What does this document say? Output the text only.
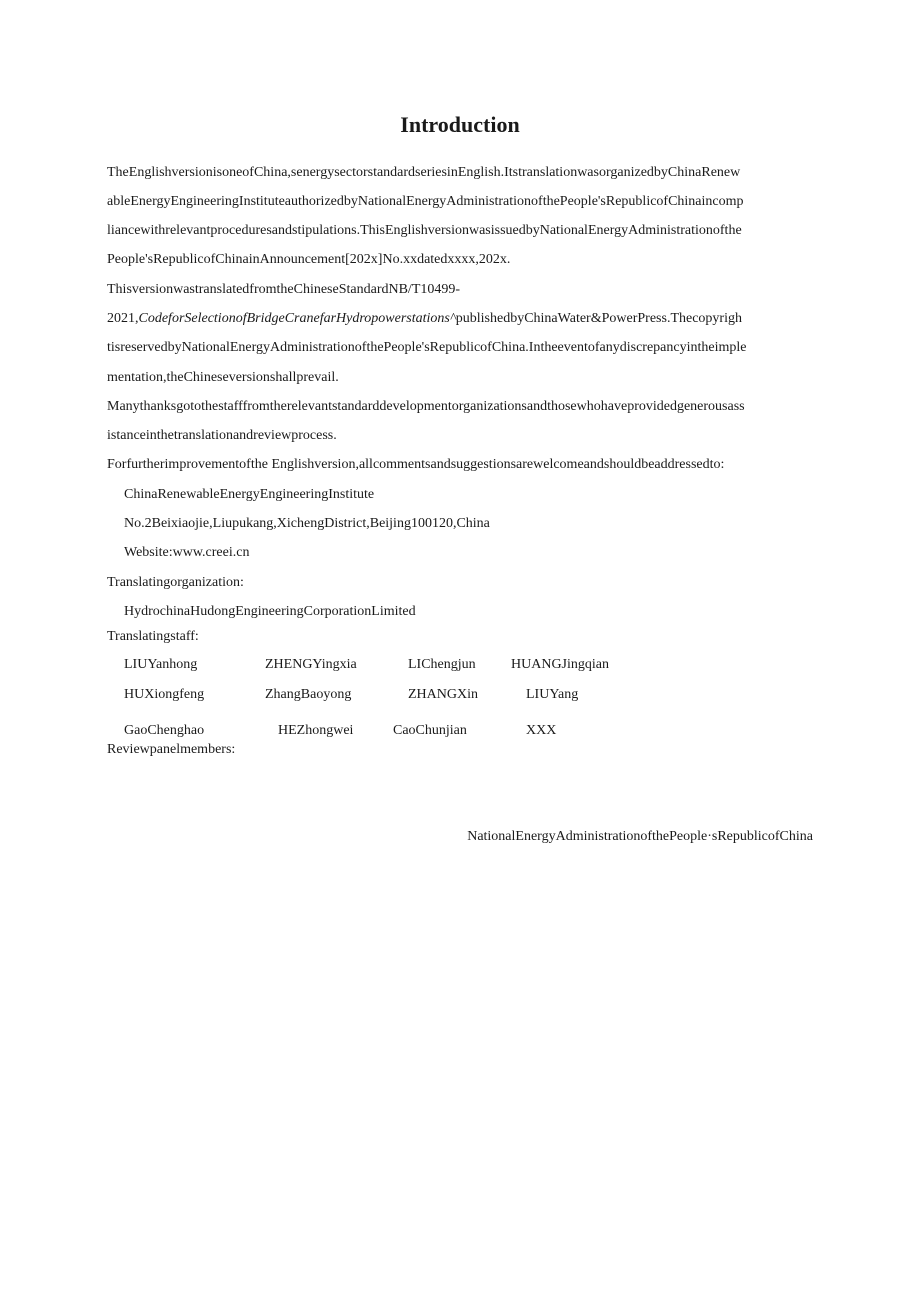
Introduction
TheEnglishversionisoneofChina,senergysectorstandardseriesinEnglish.ItstranslationwasorganizedbyChinaRenew
ableEnergyEngineeringInstituteauthorizedbyNationalEnergyAdministrationofthePeople'sRepublicofChinaincomp
liancewithrelevantproceduresandstipulations.ThisEnglishversionwasissuedbyNationalEnergyAdministrationofthe
People'sRepublicofChinainAnnouncement[202x]No.xxdatedxxxx,202x.
ThisversionwastranslatedfromtheChineseStandardNB/T10499-
2021,CodeforSelectionofBridgeCranefarHydropowerstations^publishedbyChinaWater&PowerPress.Thecopyrigh
tisreservedbyNationalEnergyAdministrationofthePeople'sRepublicofChina.Intheeventofanydiscrepancyintheimple
mentation,theChineseversionshallprevail.
Manythanksgotothestafffromtherelevantstandarddevelopmentorganizationsandthosewhohaveprovidedgenerousass
istanceinthetranslationandreviewprocess.
Forfurtherimprovementofthe Englishversion,allcommentsandsuggestionsarewelcomeandshouldbeaddressedto:
ChinaRenewableEnergyEngineeringInstitute
No.2Beixiaojie,Liupukang,XichengDistrict,Beijing100120,China
Website:www.creei.cn
Translatingorganization:
HydrochinaHudongEngineeringCorporationLimited
Translatingstaff:
LIUYanhong	ZHENGYingxia	LIChengjun	HUANGJingqian
HUXiongfeng	ZhangBaoyong	ZHANGXin	LIUYang
GaoChenghao	HEZhongwei	CaoChunjian	XXX
Reviewpanelmembers:
NationalEnergyAdministrationofthePeople·sRepublicofChina
